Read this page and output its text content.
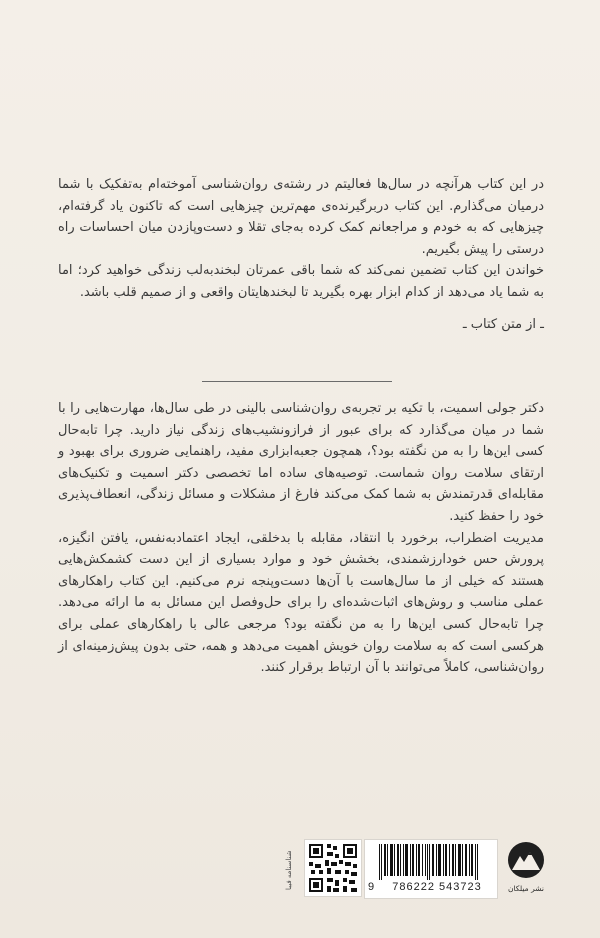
در این کتاب هرآنچه در سال‌ها فعالیتم در رشته‌ی روان‌شناسی آموخته‌ام به‌تفکیک با شما درمیان می‌گذارم. این کتاب دربرگیرنده‌ی مهم‌ترین چیزهایی است که تاکنون یاد گرفته‌ام، چیزهایی که به خودم و مراجعانم کمک کرده به‌جای تقلا و دست‌وپازدن میان احساسات راه درستی را پیش بگیریم.

خواندن این کتاب تضمین نمی‌کند که شما باقی عمرتان لبخندبه‌لب زندگی خواهید کرد؛ اما به شما یاد می‌دهد از کدام ابزار بهره بگیرید تا لبخندهایتان واقعی و از صمیم قلب باشد.

ـ از متن کتاب ـ

دکتر جولی اسمیت، با تکیه بر تجربه‌ی روان‌شناسی بالینی در طی سال‌ها، مهارت‌هایی را با شما در میان می‌گذارد که برای عبور از فرازونشیب‌های زندگی نیاز دارید. چرا تابه‌حال کسی این‌ها را به من نگفته بود؟، همچون جعبه‌ابزاری مفید، راهنمایی ضروری برای بهبود و ارتقای سلامت روان شماست. توصیه‌های ساده اما تخصصی دکتر اسمیت و تکنیک‌های مقابله‌ای قدرتمندش به شما کمک می‌کند فارغ از مشکلات و مسائل زندگی، انعطاف‌پذیری خود را حفظ کنید.

مدیریت اضطراب، برخورد با انتقاد، مقابله با بدخلقی، ایجاد اعتمادبه‌نفس، یافتن انگیزه، پرورش حس خودارزشمندی، بخشش خود و موارد بسیاری از این دست کشمکش‌هایی هستند که خیلی از ما سال‌هاست با آن‌ها دست‌وپنجه نرم می‌کنیم. این کتاب راهکارهای عملی مناسب و روش‌های اثبات‌شده‌ای را برای حل‌وفصل این مسائل به ما ارائه می‌دهد. چرا تابه‌حال کسی این‌ها را به من نگفته بود؟ مرجعی عالی با راهکارهای عملی برای هرکسی است که به سلامت روان خویش اهمیت می‌دهد و همه، حتی بدون پیش‌زمینه‌ای از روان‌شناسی، کاملاً می‌توانند با آن ارتباط برقرار کنند.

شناسنامه فیبا	9	786222 543723	نشر میلکان
